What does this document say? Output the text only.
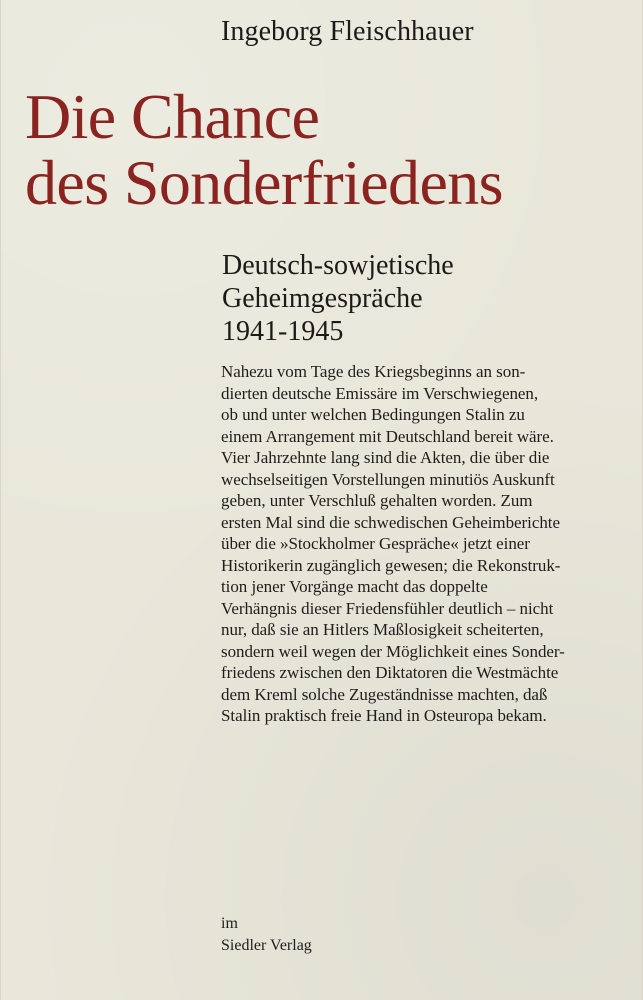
Ingeborg Fleischhauer
Die Chance
des Sonderfriedens
Deutsch-sowjetische
Geheimgespräche
1941-1945
Nahezu vom Tage des Kriegsbeginns an son-
dierten deutsche Emissäre im Verschwiegenen,
ob und unter welchen Bedingungen Stalin zu
einem Arrangement mit Deutschland bereit wäre.
Vier Jahrzehnte lang sind die Akten, die über die
wechselseitigen Vorstellungen minutiös Auskunft
geben, unter Verschluß gehalten worden. Zum
ersten Mal sind die schwedischen Geheimberichte
über die »Stockholmer Gespräche« jetzt einer
Historikerin zugänglich gewesen; die Rekonstruk-
tion jener Vorgänge macht das doppelte
Verhängnis dieser Friedensfühler deutlich – nicht
nur, daß sie an Hitlers Maßlosigkeit scheiterten,
sondern weil wegen der Möglichkeit eines Sonder-
friedens zwischen den Diktatoren die Westmächte
dem Kreml solche Zugeständnisse machten, daß
Stalin praktisch freie Hand in Osteuropa bekam.
im
Siedler Verlag
